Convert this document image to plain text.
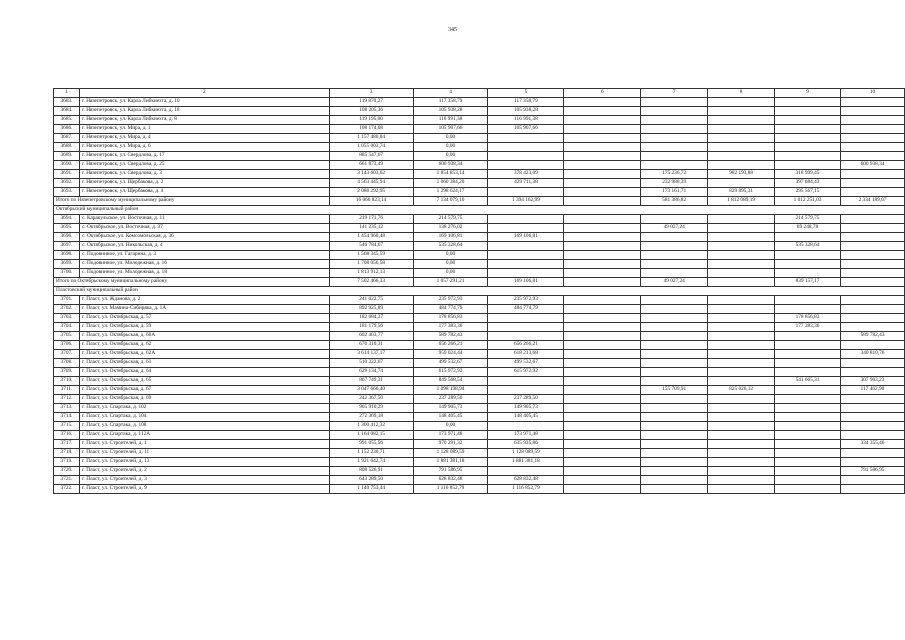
345
1	2	3	4	5	6	7	8	9	10
3683.	г. Нязепетровск, ул. Карла Либкнехта, д. 10	119 870,27	117 358,79	117 358,79					
3684.	г. Нязепетровск, ул. Карла Либкнехта, д. 18	108 205,36	105 938,28	105 938,28					
3685.	г. Нязепетровск, ул. Карла Либкнехта, д. 8	119 195,00	116 991,38	116 991,38					
3686.	г. Нязепетровск, ул. Мира, д. 1	108 174,08	105 907,66	105 907,66					
3687.	г. Нязепетровск, ул. Мира, д. 4	1 157 480,84	0,00						
3688.	г. Нязепетровск, ул. Мира, д. 6	1 055 003,74	0,00						
3689.	г. Нязепетровск, ул. Свердлова, д. 17	885 547,67	0,00						
3690.	г. Нязепетровск, ул. Свердлова, д. 25	661 873,49	600 938,34						600 938,34
3691.	г. Нязепетровск, ул. Свердлова, д. 3	3 143 603,62	1 854 853,14	378 423,09		175 236,72	982 193,88	318 999,45	
3692.	г. Нязепетровск, ул. Щербакова, д. 2	4 563 445,94	1 060 384,20	429 711,38		232 988,39		397 684,43	
3693.	г. Нязепетровск, ул. Щербакова, д. 4	2 086 292,95	1 298 624,17			173 161,71	829 895,31	295 567,15	
Итого по Нязепетровскому муниципальному району		16 060 823,14	7 134 079,10	1 394 162,99		581 386,82	1 812 089,19	1 012 251,03	2 334 189,07
Октябрьский муниципальный район									
3694.	с. Каракульское, ул. Восточная, д. 11	219 171,76	214 579,75					214 579,75	
3695.	с. Октябрьское, ул. Восточная, д. 37	141 235,12	138 276,02			49 027,24		89 248,78	
3696.	с. Октябрьское, ул. Комсомольская, д. 36	1 454 960,48	169 106,81	169 106,81					
3697.	с. Октябрьское, ул. Никольская, д. 4	546 784,67	535 328,64					535 328,64	
3698.	с. Подовинное, ул. Гагарина, д. 3	1 568 345,59	0,00						
3699.	с. Подовинное, ул. Молодежная, д. 16	1 708 056,58	0,00						
3700.	с. Подовинное, ул. Молодежная, д. 18	1 813 912,13	0,00						
Итого по Октябрьскому муниципальному району		7 502 466,33	1 057 291,21	169 106,81		49 027,24		839 157,17	
Пластовский муниципальный район									
3701.	г. Пласт, ул. Жданова, д. 2	241 022,75	235 972,93	235 972,93					
3702.	г. Пласт, ул. Мамина-Сибиряка, д. 1А	892 925,89	484 774,79	484 774,79					
3703.	г. Пласт, ул. Октябрьская, д. 57	182 684,37	178 856,83					178 856,83	
3704.	г. Пласт, ул. Октябрьская, д. 59	181 179,56	177 383,36					177 383,36	
3705.	г. Пласт, ул. Октябрьская, д. 60А	602 403,77	589 782,43						589 782,43
3706.	г. Пласт, ул. Октябрьская, д. 62	670 310,31	656 266,21	656 266,21					
3707.	г. Пласт, ул. Октябрьская, д. 62А	3 614 137,17	959 024,44	618 213,68					340 810,76
3708.	г. Пласт, ул. Октябрьская, д. 63	510 222,67	499 532,67	499 532,67					
3709.	г. Пласт, ул. Октябрьская, д. 64	629 134,74	615 972,92	615 972,92					
3710.	г. Пласт, ул. Октябрьская, д. 65	867 749,31	849 568,54					541 665,31	307 903,23
3711.	г. Пласт, ул. Октябрьская, д. 67	3 047 666,40	1 098 198,94			155 709,91	825 026,12		117 462,90
3712.	г. Пласт, ул. Октябрьская, д. 69	242 367,50	237 289,50	237 289,50					
3713.	г. Пласт, ул. Спартака, д. 102	905 910,29	149 905,73	149 905,73					
3714.	г. Пласт, ул. Спартака, д. 104	272 369,18	148 405,45	148 405,45					
3715.	г. Пласт, ул. Спартака, д. 108	1 300 412,32	0,00						
3716.	г. Пласт, ул. Спартака, д. 112А	1 164 082,15	173 971,48	173 971,48					
3717.	г. Пласт, ул. Строителей, д. 1	991 055,56	970 291,32	635 935,86					334 355,46
3718.	г. Пласт, ул. Строителей, д. 11	1 152 230,71	1 128 089,59	1 128 089,59					
3719.	г. Пласт, ул. Строителей, д. 13	1 921 642,74	1 881 381,18	1 881 381,18					
3720.	г. Пласт, ул. Строителей, д. 2	808 526,91	791 586,95						791 586,95
3721.	г. Пласт, ул. Строителей, д. 3	643 289,50	628 832,48	628 832,48					
3722.	г. Пласт, ул. Строителей, д. 9	1 140 753,44	1 116 852,79	1 116 852,79					
